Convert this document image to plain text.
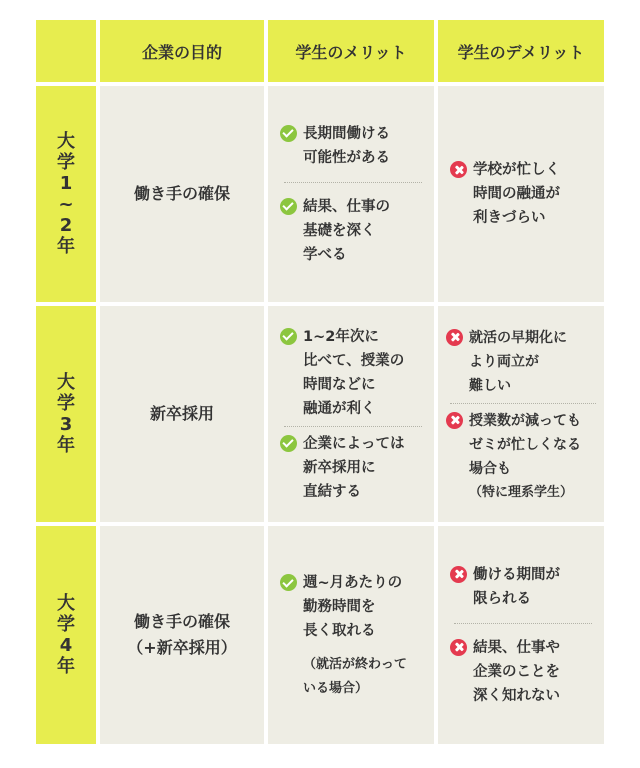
企業の目的	学生のメリット	学生のデメリット
大
学
1
~
2
年
働き手の確保
長期間働ける
可能性がある
結果、仕事の
基礎を深く
学べる
学校が忙しく
時間の融通が
利きづらい
大
学
3
年
新卒採用
1~2年次に
比べて、授業の
時間などに
融通が利く
企業によっては
新卒採用に
直結する
就活の早期化に
より両立が
難しい
授業数が減っても
ゼミが忙しくなる
場合も
（特に理系学生）
大
学
4
年
働き手の確保
（+新卒採用）
週~月あたりの
勤務時間を
長く取れる
（就活が終わって
いる場合）
働ける期間が
限られる
結果、仕事や
企業のことを
深く知れない
